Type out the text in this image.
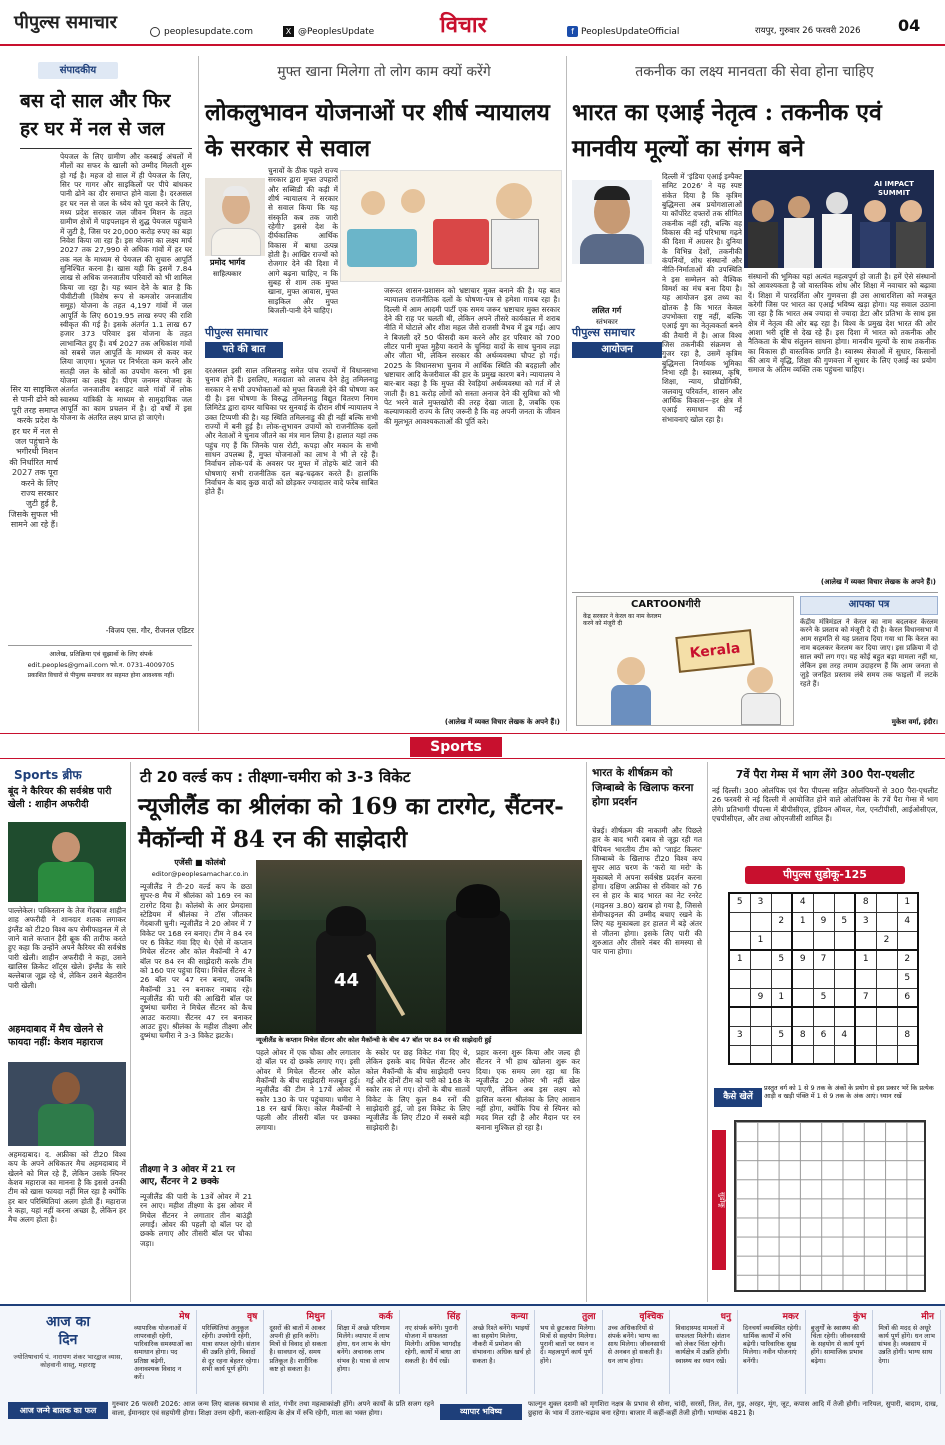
पीपुल्स समाचार	peoplesupdate.com	X @PeoplesUpdate	विचार	f PeoplesUpdateOfficial	रायपुर, गुरुवार 26 फरवरी 2026 04
संपादकीय
बस दो साल और फिर हर घर में नल से जल
पेयजल के लिए ग्रामीण और कस्बाई अंचलों में मीलों का सफर के खाली को उम्मीद मिलती शुरू हो गई है। महज दो साल में ही पेयजल के लिए, सिर पर गागर और साइकिलों पर पीपे बांधकर पानी ढोने का दौर समाप्त होने वाला है। दरअसल हर घर नल से जल के ध्येय को पूरा करने के लिए, मध्य प्रदेश सरकार जल जीवन मिशन के तहत ग्रामीण क्षेत्रों में पाइपलाइन से शुद्ध पेयजल पहुंचाने में जुटी है, जिस पर 20,000 करोड़ रुपए का बड़ा निवेश किया जा रहा है। इस योजना का लक्ष्य मार्च 2027 तक 27,990 से अधिक गांवों में हर घर तक नल के माध्यम से पेयजल की सुचारु आपूर्ति सुनिश्चित करना है। खास यही कि इसमें 7.84 लाख से अधिक जनजातीय परिवारों को भी शामिल किया जा रहा है। यह ध्यान देने के बात है कि पीवीटीजी (विशेष रूप से कमजोर जनजातीय समूह) योजना के तहत 4,197 गांवों में जल आपूर्ति के लिए 6019.95 लाख रुपए की राशि स्वीकृत की गई है। इसके अंतर्गत 1.1 लाख 67 हजार 373 परिवार इस योजना के तहत लाभान्वित हुए हैं। वर्ष 2027 तक अधिकांश गांवों को सबसे जल आपूर्ति के माध्यम से कवर कर लिया जाएगा। भूजल पर निर्भरता कम करने और सतही जल के स्रोतों का उपयोग करना भी इस योजना का लक्ष्य है। पीएम जनमन योजना के अंतर्गत जनजातीय बसाहट वाले गांवों में लोक स्वास्थ्य यांत्रिकी के माध्यम से सामुदायिक जल आपूर्ति का काम प्रचलन में है। दो वर्षों में इस योजना के अंतरित लक्ष्य प्राप्त हो जाएंगे।
सिर या साइकिल से पानी ढोने को पूरी तरह समाप्त करके प्रदेश के हर घर में नल से जल पहुंचाने के भगीरथी मिशन की निर्धारित मार्च 2027 तक पूरा करने के लिए राज्य सरकार जुटी हुई है, जिसके सुफल भी सामने आ रहे हैं।
-विजय एस. गौर, रीजनल एडिटर
आलेख, प्रतिक्रिया एवं सुझावों के लिए संपर्क
edit.peoples@gmail.com फो.न. 0731-4009705
प्रकाशित विचारों से पीपुल्स समाचार का सहमत होना आवश्यक नहीं।
मुफ्त खाना मिलेगा तो लोग काम क्यों करेंगे
लोकलुभावन योजनाओं पर शीर्ष न्यायालय के सरकार से सवाल
प्रमोद भार्गव
साहित्यकार
चुनावों के ठीक पहले राज्य सरकार द्वारा मुफ्त उपहारों और सब्सिडी की कड़ी में शीर्ष न्यायालय ने सरकार से सवाल किया कि यह संस्कृति कब तक जारी रहेगी? इससे देश के दीर्घकालिक आर्थिक विकास में बाधा उत्पन्न होती है। आखिर राज्यों को रोजगार देने की दिशा में आगे बढ़ना चाहिए, न कि सुबह से शाम तक मुफ्त खाना, मुफ्त आवास, मुफ्त साइकिल और मुफ्त बिजली-पानी देने चाहिए।
पीपुल्स समाचार
पते की बात
दरअसल इसी साल तमिलनाडु समेत पांच राज्यों में विधानसभा चुनाव होने हैं। इसलिए, मतदाता को लालच देने हेतु तमिलनाडु सरकार ने सभी उपभोक्ताओं को मुफ्त बिजली देने की घोषणा कर दी है। इस घोषणा के विरुद्ध तमिलनाडु विद्युत वितरण निगम लिमिटेड द्वारा दायर याचिका पर सुनवाई के दौरान शीर्ष न्यायालय ने उक्त टिप्पणी की है। यह स्थिति तमिलनाडु की ही नहीं बल्कि सभी राज्यों में बनी हुई है। लोक-लुभावन उपायों को राजनीतिक दलों और नेताओं ने चुनाव जीतने का मंत्र मान लिया है। हालात यहां तक पहुंच गए हैं कि जिनके पास रोटी, कपड़ा और मकान के सभी साधन उपलब्ध हैं, मुफ्त योजनाओं का लाभ वे भी ले रहे हैं। निर्वाचन लोक-पर्व के अवसर पर मुफ्त में तोहफे बांटे जाने की घोषणाएं सभी राजनीतिक दल बढ़-चढ़कर करते हैं। हालांकि निर्वाचन के बाद कुछ वादों को छोड़कर ज्यादातर वादे फरेब साबित होते हैं।
जरूरत शासन-प्रशासन को भ्रष्टाचार मुक्त बनाने की है। यह बात न्यायालय राजनीतिक दलों के घोषणा-पत्र से हमेशा गायब रहा है। दिल्ली में आम आदमी पार्टी एक समय जरूर भ्रष्टाचार मुक्त सरकार देने की राह पर चलती थी, लेकिन अपने तीसरे कार्यकाल में शराब नीति में घोटाले और शीश महल जैसे राजसी वैभव में डूब गई। आप ने बिजली दरें 50 फीसदी कम करने और हर परिवार को 700 लीटर पानी मुफ्त मुहैया कराने के चुनिंदा वादों के साथ चुनाव लड़ा और जीता भी, लेकिन सरकार की अर्थव्यवस्था चौपट हो गई। 2025 के विधानसभा चुनाव में आर्थिक स्थिति की बदहाली और भ्रष्टाचार आदि केजरीवाल की हार के प्रमुख कारण बने। न्यायालय ने बार-बार कहा है कि मुफ्त की रेवड़ियां अर्थव्यवस्था को गर्त में ले जाती हैं। 81 करोड़ लोगों को सस्ता अनाज देने की सुविधा को भी पेट भरने वाले मुफ्तखोरी की तरह देखा जाता है, जबकि एक कल्याणकारी राज्य के लिए जरूरी है कि वह अपनी जनता के जीवन की मूलभूत आवश्यकताओं की पूर्ति करे।
(आलेख में व्यक्त विचार लेखक के अपने हैं।)
तकनीक का लक्ष्य मानवता की सेवा होना चाहिए
भारत का एआई नेतृत्व : तकनीक एवं मानवीय मूल्यों का संगम बने
ललित गर्ग
स्तंभकार
AI IMPACT SUMMIT
पीपुल्स समाचार
आयोजन
दिल्ली में 'इंडिया एआई इम्पैक्ट समिट 2026' ने यह स्पष्ट संकेत दिया है कि कृत्रिम बुद्धिमत्ता अब प्रयोगशालाओं या कॉर्पोरेट दफ्तरों तक सीमित तकनीक नहीं रही, बल्कि वह विकास की नई परिभाषा गढ़ने की दिशा में अग्रसर है। दुनिया के विभिन्न देशों, तकनीकी कंपनियों, शोध संस्थानों और नीति-निर्माताओं की उपस्थिति ने इस सम्मेलन को वैश्विक विमर्श का मंच बना दिया है। यह आयोजन इस तथ्य का द्योतक है कि भारत केवल उपभोक्ता राष्ट्र नहीं, बल्कि एआई युग का नेतृत्वकर्ता बनने की तैयारी में है। आज विश्व जिस तकनीकी संक्रमण से गुजर रहा है, उसमें कृत्रिम बुद्धिमत्ता निर्णायक भूमिका निभा रही है। स्वास्थ्य, कृषि, शिक्षा, न्याय, प्रौद्योगिकी, जलवायु परिवर्तन, शासन और आर्थिक विकास—हर क्षेत्र में एआई समाधान की नई संभावनाएं खोल रहा है।
संस्थानों की भूमिका यहां अत्यंत महत्वपूर्ण हो जाती है। हमें ऐसे संस्थानों को आवश्यकता है जो वास्तविक शोध और शिक्षा में नवाचार को बढ़ावा दें। शिक्षा में पारदर्शिता और गुणवत्ता ही उस आधारशिला को मजबूत करेगी जिस पर भारत का एआई भविष्य खड़ा होगा। यह सवाल उठाना जा रहा है कि भारत अब ज्यादा से ज्यादा डेटा और प्रतिभा के साथ इस क्षेत्र में नेतृत्व की ओर बढ़ रहा है। विश्व के प्रमुख देश भारत की ओर आशा भरी दृष्टि से देख रहे हैं। इस दिशा में भारत को तकनीक और नैतिकता के बीच संतुलन साधना होगा। मानवीय मूल्यों के साथ तकनीक का विकास ही वास्तविक प्रगति है। स्वास्थ्य सेवाओं में सुधार, किसानों की आय में वृद्धि, शिक्षा की गुणवत्ता में सुधार के लिए एआई का प्रयोग समाज के अंतिम व्यक्ति तक पहुंचना चाहिए।
(आलेख में व्यक्त विचार लेखक के अपने हैं।)
CARTOONगीरी
केंद्र सरकार ने केरल का नाम केरलम करने को मंजूरी दी
Kerala
आपका पत्र
केंद्रीय मंत्रिमंडल ने केरल का नाम बदलकर केरलम करने के प्रस्ताव को मंजूरी दे दी है। केरल विधानसभा में आम सहमति से यह प्रस्ताव दिया गया था कि केरल का नाम बदलकर केरलम कर दिया जाए। इस प्रक्रिया में दो साल क्यों लग गए। यह कोई बहुत बड़ा मामला नहीं था, लेकिन इस तरह तमाम उदाहरण हैं कि आम जनता से जुड़े जनहित प्रस्ताव लंबे समय तक फाइलों में लटके रहते हैं।
मुकेश वर्मा, इंदौर।
Sports
Sports ब्रीफ
बूंद ने कैरियर की सर्वश्रेष्ठ पारी खेली : शाहीन अफरीदी
पाल्लेकेल। पाकिस्तान के तेज गेंदबाज शाहीन शाह अफरीदी ने शानदार शतक लगाकर इंग्लैंड को टी20 विश्व कप सेमीफाइनल में ले जाने वाले कप्तान हैरी ब्रूक की तारीफ करते हुए कहा कि उन्होंने अपने कैरियर की सर्वश्रेष्ठ पारी खेली। शाहीन अफरीदी ने कहा, उसने खालिस क्रिकेट शॉट्स खेले। इंग्लैंड के सारे बल्लेबाज जूझ रहे थे, लेकिन उसने बेहतरीन पारी खेली।
अहमदाबाद में मैच खेलने से फायदा नहीं: केशव महाराज
अहमदाबाद। द. अफ्रीका को टी20 विश्व कप के अपने अधिकतर मैच अहमदाबाद में खेलने को मिल रहे हैं, लेकिन उसके स्पिनर केशव महाराज का मानना है कि इससे उनकी टीम को खास फायदा नहीं मिल रहा है क्योंकि हर बार परिस्थितियां अलग होती हैं। महाराज ने कहा, यहां नहीं करना अच्छा है, लेकिन हर मैच अलग होता है।
टी 20 वर्ल्ड कप : तीक्ष्णा-चमीरा को 3-3 विकेट
न्यूजीलैंड का श्रीलंका को 169 का टारगेट, सैंटनर-मैकॉन्ची में 84 रन की साझेदारी
एजेंसी ■ कोलंबो
editor@peoplesamachar.co.in
न्यूजीलैंड ने टी-20 वर्ल्ड कप के छठा सुपर-8 मैच में श्रीलंका को 169 रन का टारगेट दिया है। कोलंबो के आर प्रेमदासा स्टेडियम में श्रीलंका ने टॉस जीतकर गेंदबाजी चुनी। न्यूजीलैंड ने 20 ओवर में 7 विकेट पर 168 रन बनाए। टीम ने 84 रन पर 6 विकेट गंवा दिए थे। ऐसे में कप्तान मिचेल सेंटनर और कोल मैकॉन्ची ने 47 बॉल पर 84 रन की साझेदारी करके टीम को 160 पार पहुंचा दिया। मिचेल सैंटनर ने 26 बॉल पर 47 रन बनाए, जबकि मैकॉन्ची 31 रन बनाकर नाबाद रहे। न्यूजीलैंड की पारी की आखिरी बॉल पर दुष्मंथा चमीरा ने मिचेल सैंटनर को कैच आउट कराया। सैंटनर 47 रन बनाकर आउट हुए। श्रीलंका के महीश तीक्ष्णा और दुष्मंथा चमीरा ने 3-3 विकेट झटके।
तीक्ष्णा ने 3 ओवर में 21 रन आए, सैंटनर ने 2 छक्के
न्यूजीलैंड की पारी के 13वें ओवर में 21 रन आए। महीश तीक्ष्णा के इस ओवर में मिचेल सैंटनर ने लगातार तीन बाउंड्री लगाईं। ओवर की पहली दो बॉल पर दो छक्के लगाए और तीसरी बॉल पर चौका जड़ा।
44
न्यूजीलैंड के कप्तान मिचेल सेंटनर और कोल मैकॉन्ची के बीच 47 बॉल पर 84 रन की साझेदारी हुई
पहले ओवर में एक चौका और लगातार दो बॉल पर दो छक्के लगाए गए। इसी ओवर में मिचेल सैंटनर और कोल मैकॉन्ची के बीच साझेदारी मजबूत हुई। न्यूजीलैंड की टीम ने 17वें ओवर में स्कोर 130 के पार पहुंचाया। चमीरा ने 18 रन खर्च किए। कोल मैकॉन्ची ने पहली और तीसरी बॉल पर छक्का लगाया।
के स्कोर पर छह विकेट गंवा दिए थे, लेकिन इसके बाद मिचेल सैंटनर और कोल मैकॉन्ची के बीच साझेदारी पनप गई और दोनों टीम को पारी को 168 के स्कोर तक ले गए। दोनों के बीच सातवें विकेट के लिए कुल 84 रनों की साझेदारी हुई, जो इस विकेट के लिए न्यूजीलैंड के लिए टी20 में सबसे बड़ी साझेदारी है।
प्रहार करना शुरू किया और जल्द ही सैंटनर ने भी हाथ खोलना शुरू कर दिया। एक समय लग रहा था कि न्यूजीलैंड 20 ओवर भी नहीं खेल पाएगी, लेकिन अब इस लक्ष्य को हासिल करना श्रीलंका के लिए आसान नहीं होगा, क्योंकि पिच से स्पिनर को मदद मिल रही है और मैदान पर रन बनाना मुश्किल हो रहा है।
भारत के शीर्षक्रम को जिम्बाब्वे के खिलाफ करना होगा प्रदर्शन
चेन्नई। शीर्षक्रम की नाकामी और पिछले हार के बाद भारी दबाव से जूझ रही गत चैंपियन भारतीय टीम को 'जाइंट किलर' जिम्बाब्वे के खिलाफ टी20 विश्व कप सुपर आठ चरण के 'करो या मरो' के मुकाबले में अपना सर्वश्रेष्ठ प्रदर्शन करना होगा। दक्षिण अफ्रीका से रविवार को 76 रन से हार के बाद भारत का नेट रनरेट (माइनस 3.80) खराब हो गया है, जिससे सेमीफाइनल की उम्मीद बचाए रखने के लिए यह मुकाबला हर हालत में बड़े अंतर से जीतना होगा। इसके लिए पारी की शुरुआत और तीसरे नंबर की समस्या से पार पाना होगा।
7वें पैरा गेम्स में भाग लेंगे 300 पैरा-एथलीट
नई दिल्ली। 300 ओलंपिक एवं पैरा पीपल्स सहित ओलंपियनों से 300 पैरा-एथलीट 26 फरवरी से नई दिल्ली में आयोजित होने वाले ओलंपिक्स के 7वें पैरा गेम्स में भाग लेंगे। प्रतिभागी पीपल्स में बीपीसीएल, इंडियन ऑयल, गेल, एनटीपीसी, आईओसीएल, एचपीसीएल, और तथा ओएनजीसी शामिल हैं।
पीपुल्स सुडोकू-125
5	3		4			8		1
		2	1	9	5	3		4
	1						2	
1		5	9	7		1		2
								5
	9	1		5		7		6

3		5	8	6	4			8

कैसे खेलें
प्रस्तुत वर्ग को 1 से 9 तक के अंकों के प्रयोग से इस प्रकार भरें कि प्रत्येक आड़ी व खड़ी पंक्ति में 1 से 9 तक के अंक आएं। ध्यान रखें
सुडोकू
आज का
दिन
ज्योतिषाचार्य पं. नारायण शंकर भारद्वाज व्यास, कोहवानी वास्तु, महाराष्ट्र
मेष
व्यापारिक योजनाओं में लापरवाही रहेगी, पारिवारिक समस्याओं का समाधान होगा। पद प्रतिष्ठा बढ़ेगी, अनावश्यक विवाद न करें।
वृष
परिस्थितियां अनुकूल रहेंगी। उपयोगी रहेगी, यात्रा सफल रहेगी। संतान की उन्नति होगी, विवादों से दूर रहना बेहतर रहेगा। सभी कार्य पूर्ण होंगे।
मिथुन
दूसरों की बातों में आकर अपनी ही हानि करेंगे। मित्रों से विवाद हो सकता है। सावधान रहें, समय प्रतिकूल है। शारीरिक कष्ट हो सकता है।
कर्क
शिक्षा में अच्छे परिणाम मिलेंगे। व्यापार में लाभ होगा, धन लाभ के योग बनेंगे। अचानक लाभ संभव है। यात्रा से लाभ होगा।
सिंह
नए संपर्क बनेंगे। पुरानी योजना में सफलता मिलेगी। अधिक भागदौड़ रहेगी, कार्यों में बाधा आ सकती है। धैर्य रखें।
कन्या
अच्छे रिश्ते बनेंगे। भाइयों का सहयोग मिलेगा, नौकरी में प्रमोशन की संभावना। अधिक खर्च हो सकता है।
तुला
भय से छुटकारा मिलेगा। मित्रों से सहयोग मिलेगा। पुरानी बातों पर ध्यान न दें। महत्वपूर्ण कार्य पूर्ण होंगे।
वृश्चिक
उच्च अधिकारियों से संपर्क बनेंगे। भाग्य का साथ मिलेगा। जीवनसाथी से अनबन हो सकती है। धन लाभ होगा।
धनु
विवादास्पद मामलों में सफलता मिलेगी। संतान को लेकर चिंता रहेगी। कार्यक्षेत्र में उन्नति होगी। स्वास्थ्य का ध्यान रखें।
मकर
दिनचर्या व्यवस्थित रहेगी। धार्मिक कार्यों में रुचि बढ़ेगी। पारिवारिक सुख मिलेगा। नवीन योजनाएं बनेंगी।
कुंभ
बुजुर्गों के स्वास्थ्य की चिंता रहेगी। जीवनसाथी के सहयोग से कार्य पूर्ण होंगे। सामाजिक प्रभाव बढ़ेगा।
मीन
मित्रों की मदद से अधूरे कार्य पूर्ण होंगे। धन लाभ संभव है। व्यवसाय में उन्नति होगी। भाग्य साथ देगा।
आज जन्मे बालक का फल
गुरुवार 26 फरवरी 2026: आज जन्म लिए बालक स्वभाव से शांत, गंभीर तथा महत्वाकांक्षी होंगे। अपने कार्यों के प्रति सजग रहने वाला, ईमानदार एवं सहयोगी होगा। शिक्षा उत्तम रहेगी, कला-साहित्य के क्षेत्र में रुचि रहेगी, माता का भक्त होगा।	व्यापार भविष्य
फाल्गुन शुक्ल दशमी को मृगशिरा नक्षत्र के प्रभाव से सोना, चांदी, सरसों, तिल, तेल, गुड़, अरहर, मूंग, जूट, कपास आदि में तेजी होगी। नारियल, सुपारी, बादाम, दाख, छुहारा के भाव में उतार-चढ़ाव बना रहेगा। बाजार में कहीं-कहीं तेजी होगी। भाग्यांक 4821 है।
